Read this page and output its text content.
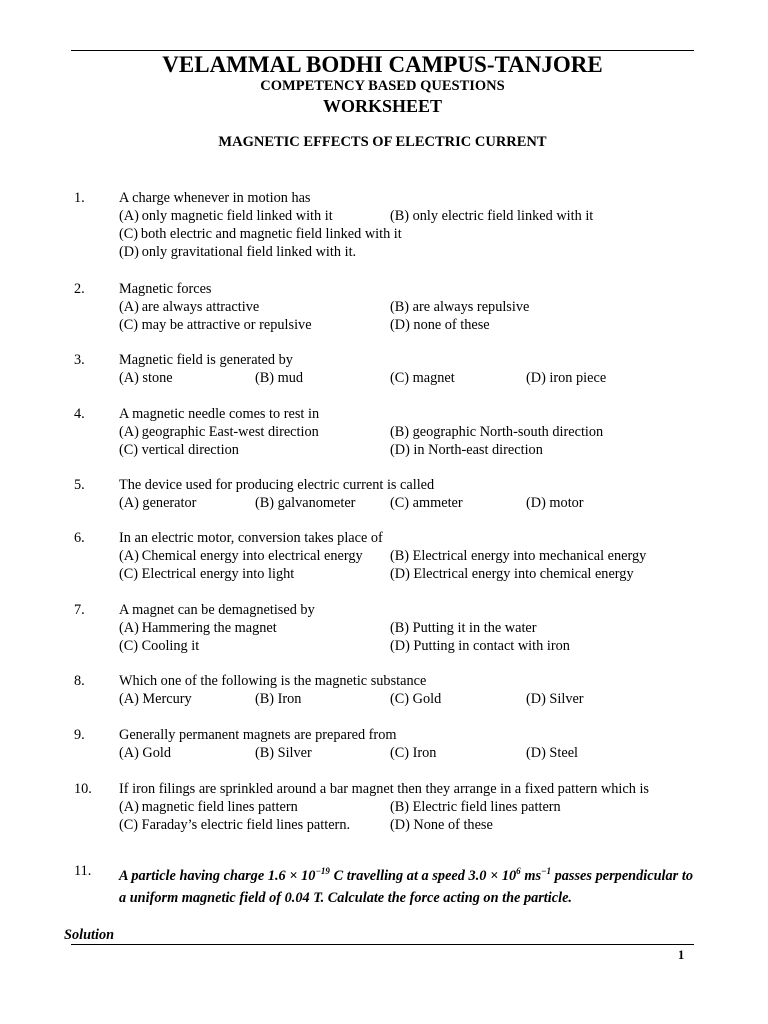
VELAMMAL BODHI CAMPUS-TANJORE
COMPETENCY BASED QUESTIONS
WORKSHEET
MAGNETIC EFFECTS OF ELECTRIC CURRENT
1. A charge whenever in motion has
(A) only magnetic field linked with it	(B) only electric field linked with it
(C) both electric and magnetic field linked with it
(D) only gravitational field linked with it.
2. Magnetic forces
(A) are always attractive	(B) are always repulsive
(C) may be attractive or repulsive	(D) none of these
3. Magnetic field is generated by
(A) stone	(B) mud	(C) magnet	(D) iron piece
4. A magnetic needle comes to rest in
(A) geographic East-west direction	(B) geographic North-south direction
(C) vertical direction	(D) in North-east direction
5. The device used for producing electric current is called
(A) generator	(B) galvanometer (C) ammeter	(D) motor
6. In an electric motor, conversion takes place of
(A) Chemical energy into electrical energy (B) Electrical energy into mechanical energy
(C) Electrical energy into light	(D) Electrical energy into chemical energy
7. A magnet can be demagnetised by
(A) Hammering the magnet	(B) Putting it in the water
(C) Cooling it	(D) Putting in contact with iron
8. Which one of the following is the magnetic substance
(A) Mercury	(B) Iron	(C) Gold	(D) Silver
9. Generally permanent magnets are prepared from
(A) Gold	(B) Silver	(C) Iron	(D) Steel
10. If iron filings are sprinkled around a bar magnet then they arrange in a fixed pattern which is
(A) magnetic field lines pattern	(B) Electric field lines pattern
(C) Faraday’s electric field lines pattern.	(D) None of these
11. A particle having charge $1.6 \times 10^{-19}$ C travelling at a speed $3.0 \times 10^6$ $ms^{-1}$ passes perpendicular to a uniform magnetic field of 0.04 T. Calculate the force acting on the particle.
Solution
1
